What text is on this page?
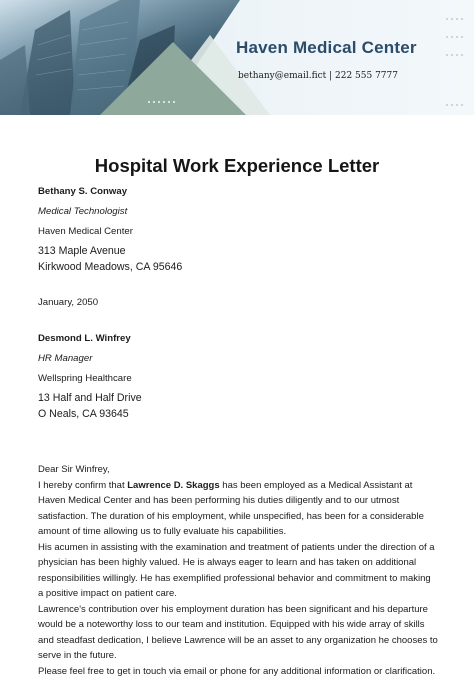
Haven Medical Center
bethany@email.fict | 222 555 7777
Hospital Work Experience Letter
Bethany S. Conway
Medical Technologist
Haven Medical Center
313 Maple Avenue
Kirkwood Meadows, CA 95646
January, 2050
Desmond L. Winfrey
HR Manager
Wellspring Healthcare
13 Half and Half Drive
O Neals, CA 93645

Dear Sir Winfrey,

I hereby confirm that Lawrence D. Skaggs has been employed as a Medical Assistant at Haven Medical Center and has been performing his duties diligently and to our utmost satisfaction. The duration of his employment, while unspecified, has been for a considerable amount of time allowing us to fully evaluate his capabilities.

His acumen in assisting with the examination and treatment of patients under the direction of a physician has been highly valued. He is always eager to learn and has taken on additional responsibilities willingly. He has exemplified professional behavior and commitment to making a positive impact on patient care.

Lawrence's contribution over his employment duration has been significant and his departure would be a noteworthy loss to our team and institution. Equipped with his wide array of skills and steadfast dedication, I believe Lawrence will be an asset to any organization he chooses to serve in the future.

Please feel free to get in touch via email or phone for any additional information or clarification.
